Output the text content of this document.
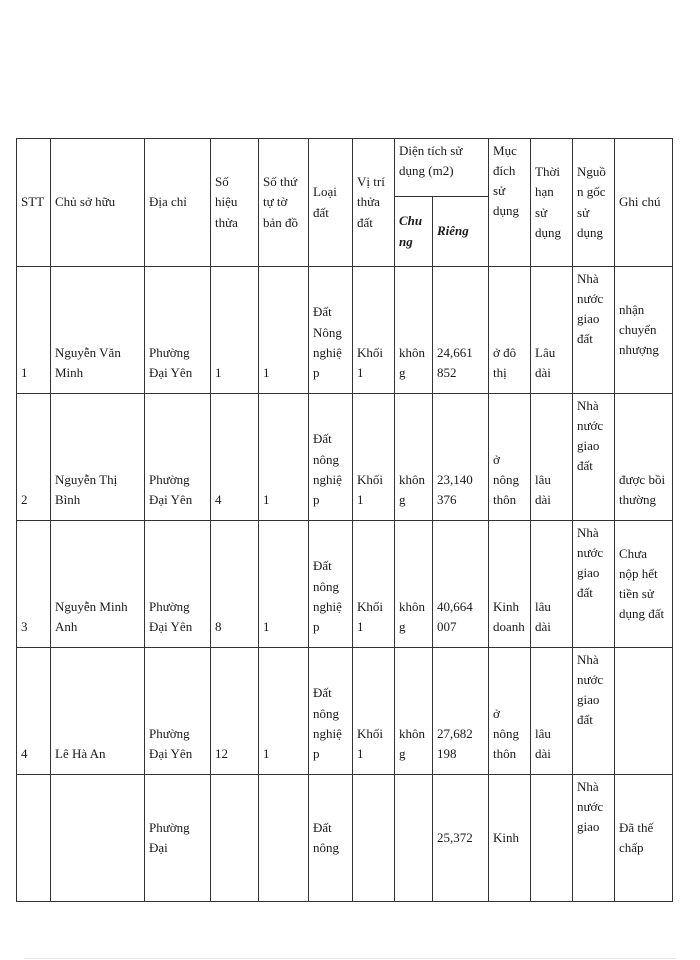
STT	Chủ sở hữu	Địa chỉ	Số hiệu thửa	Số thứ tự tờ bản đồ	Loại đất	Vị trí thửa đất	Diện tích sử dụng (m2)		Mục đích sử dụng	Thời hạn sử dụng	Nguồn gốc sử dụng	Ghi chú
							Chung	Riêng				
1	Nguyễn Văn Minh	Phường Đại Yên	1	1	Đất Nông nghiệp	Khối 1	không	24,661 852	ở đô thị	Lâu dài	Nhà nước giao đất	nhận chuyển nhượng
2	Nguyễn Thị Bình	Phường Đại Yên	4	1	Đất nông nghiệp	Khối 1	không	23,140 376	ở nông thôn	lâu dài	Nhà nước giao đất	được bồi thường
3	Nguyễn Minh Anh	Phường Đại Yên	8	1	Đất nông nghiệp	Khối 1	không	40,664 007	Kinh doanh	lâu dài	Nhà nước giao đất	Chưa nộp hết tiền sử dụng đất
4	Lê Hà An	Phường Đại Yên	12	1	Đất nông nghiệp	Khối 1	không	27,682 198	ở nông thôn	lâu dài	Nhà nước giao đất	
		Phường Đại			Đất nông			25,372	Kinh		Nhà nước giao	Đã thế chấp
